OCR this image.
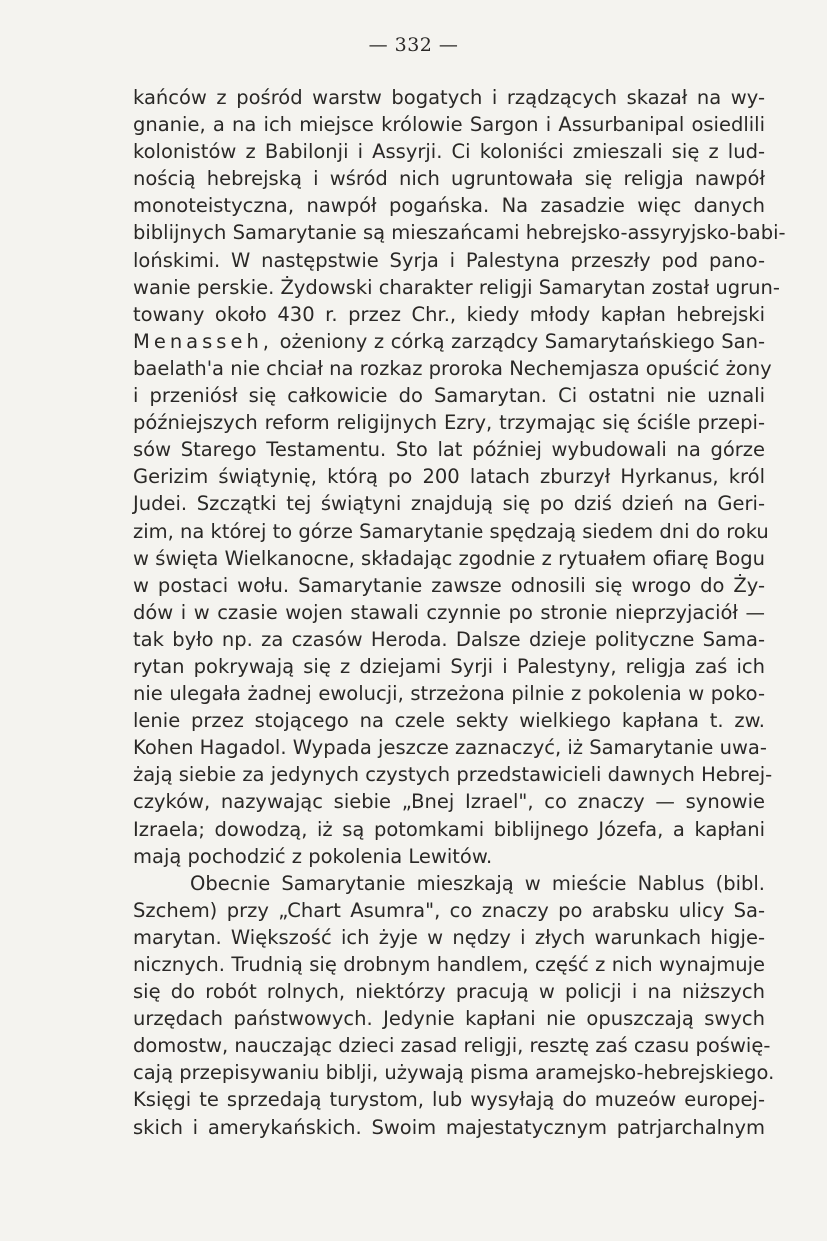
— 332 —
kańców z pośród warstw bogatych i rządzących skazał na wy-
gnanie, a na ich miejsce królowie Sargon i Assurbanipal osiedlili
kolonistów z Babilonji i Assyrji. Ci koloniści zmieszali się z lud-
nością hebrejską i wśród nich ugruntowała się religja nawpół
monoteistyczna, nawpół pogańska. Na zasadzie więc danych
biblijnych Samarytanie są mieszańcami hebrejsko-assyryjsko-babi-
lońskimi. W następstwie Syrja i Palestyna przeszły pod pano-
wanie perskie. Żydowski charakter religji Samarytan został ugrun-
towany około 430 r. przez Chr., kiedy młody kapłan hebrejski
Menasseh, ożeniony z córką zarządcy Samarytańskiego San-
baelath'a nie chciał na rozkaz proroka Nechemjasza opuścić żony
i przeniósł się całkowicie do Samarytan. Ci ostatni nie uznali
późniejszych reform religijnych Ezry, trzymając się ściśle przepi-
sów Starego Testamentu. Sto lat później wybudowali na górze
Gerizim świątynię, którą po 200 latach zburzył Hyrkanus, król
Judei. Szczątki tej świątyni znajdują się po dziś dzień na Geri-
zim, na której to górze Samarytanie spędzają siedem dni do roku
w święta Wielkanocne, składając zgodnie z rytuałem ofiarę Bogu
w postaci wołu. Samarytanie zawsze odnosili się wrogo do Ży-
dów i w czasie wojen stawali czynnie po stronie nieprzyjaciół —
tak było np. za czasów Heroda. Dalsze dzieje polityczne Sama-
rytan pokrywają się z dziejami Syrji i Palestyny, religja zaś ich
nie ulegała żadnej ewolucji, strzeżona pilnie z pokolenia w poko-
lenie przez stojącego na czele sekty wielkiego kapłana t. zw.
Kohen Hagadol. Wypada jeszcze zaznaczyć, iż Samarytanie uwa-
żają siebie za jedynych czystych przedstawicieli dawnych Hebrej-
czyków, nazywając siebie „Bnej Izrael", co znaczy — synowie
Izraela; dowodzą, iż są potomkami biblijnego Józefa, a kapłani
mają pochodzić z pokolenia Lewitów.
Obecnie Samarytanie mieszkają w mieście Nablus (bibl.
Szchem) przy „Chart Asumra", co znaczy po arabsku ulicy Sa-
marytan. Większość ich żyje w nędzy i złych warunkach higje-
nicznych. Trudnią się drobnym handlem, część z nich wynajmuje
się do robót rolnych, niektórzy pracują w policji i na niższych
urzędach państwowych. Jedynie kapłani nie opuszczają swych
domostw, nauczając dzieci zasad religji, resztę zaś czasu poświę-
cają przepisywaniu biblji, używają pisma aramejsko-hebrejskiego.
Księgi te sprzedają turystom, lub wysyłają do muzeów europej-
skich i amerykańskich. Swoim majestatycznym patrjarchalnym
